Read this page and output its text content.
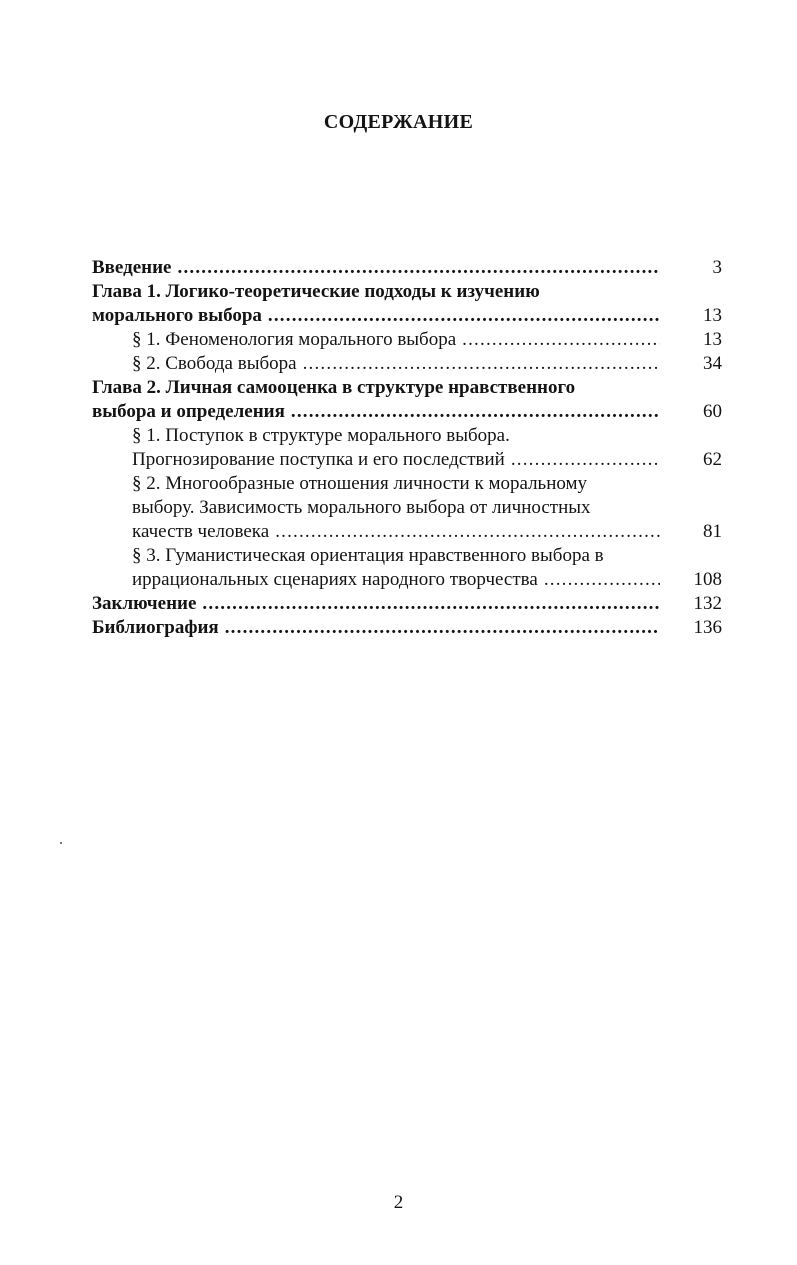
СОДЕРЖАНИЕ
Введение .....	3
Глава 1. Логико-теоретические подходы к изучению
морального выбора .....	13
§ 1. Феноменология морального выбора .....	13
§ 2. Свобода выбора .....	34
Глава 2. Личная самооценка в структуре нравственного
выбора и определения .....	60
§ 1. Поступок в структуре морального выбора.
Прогнозирование поступка и его последствий .....	62
§ 2. Многообразные отношения личности к моральному
выбору. Зависимость морального выбора от личностных
качеств человека .....	81
§ 3. Гуманистическая ориентация нравственного выбора в
иррациональных сценариях народного творчества .....	108
Заключение .....	132
Библиография .....	136
2
